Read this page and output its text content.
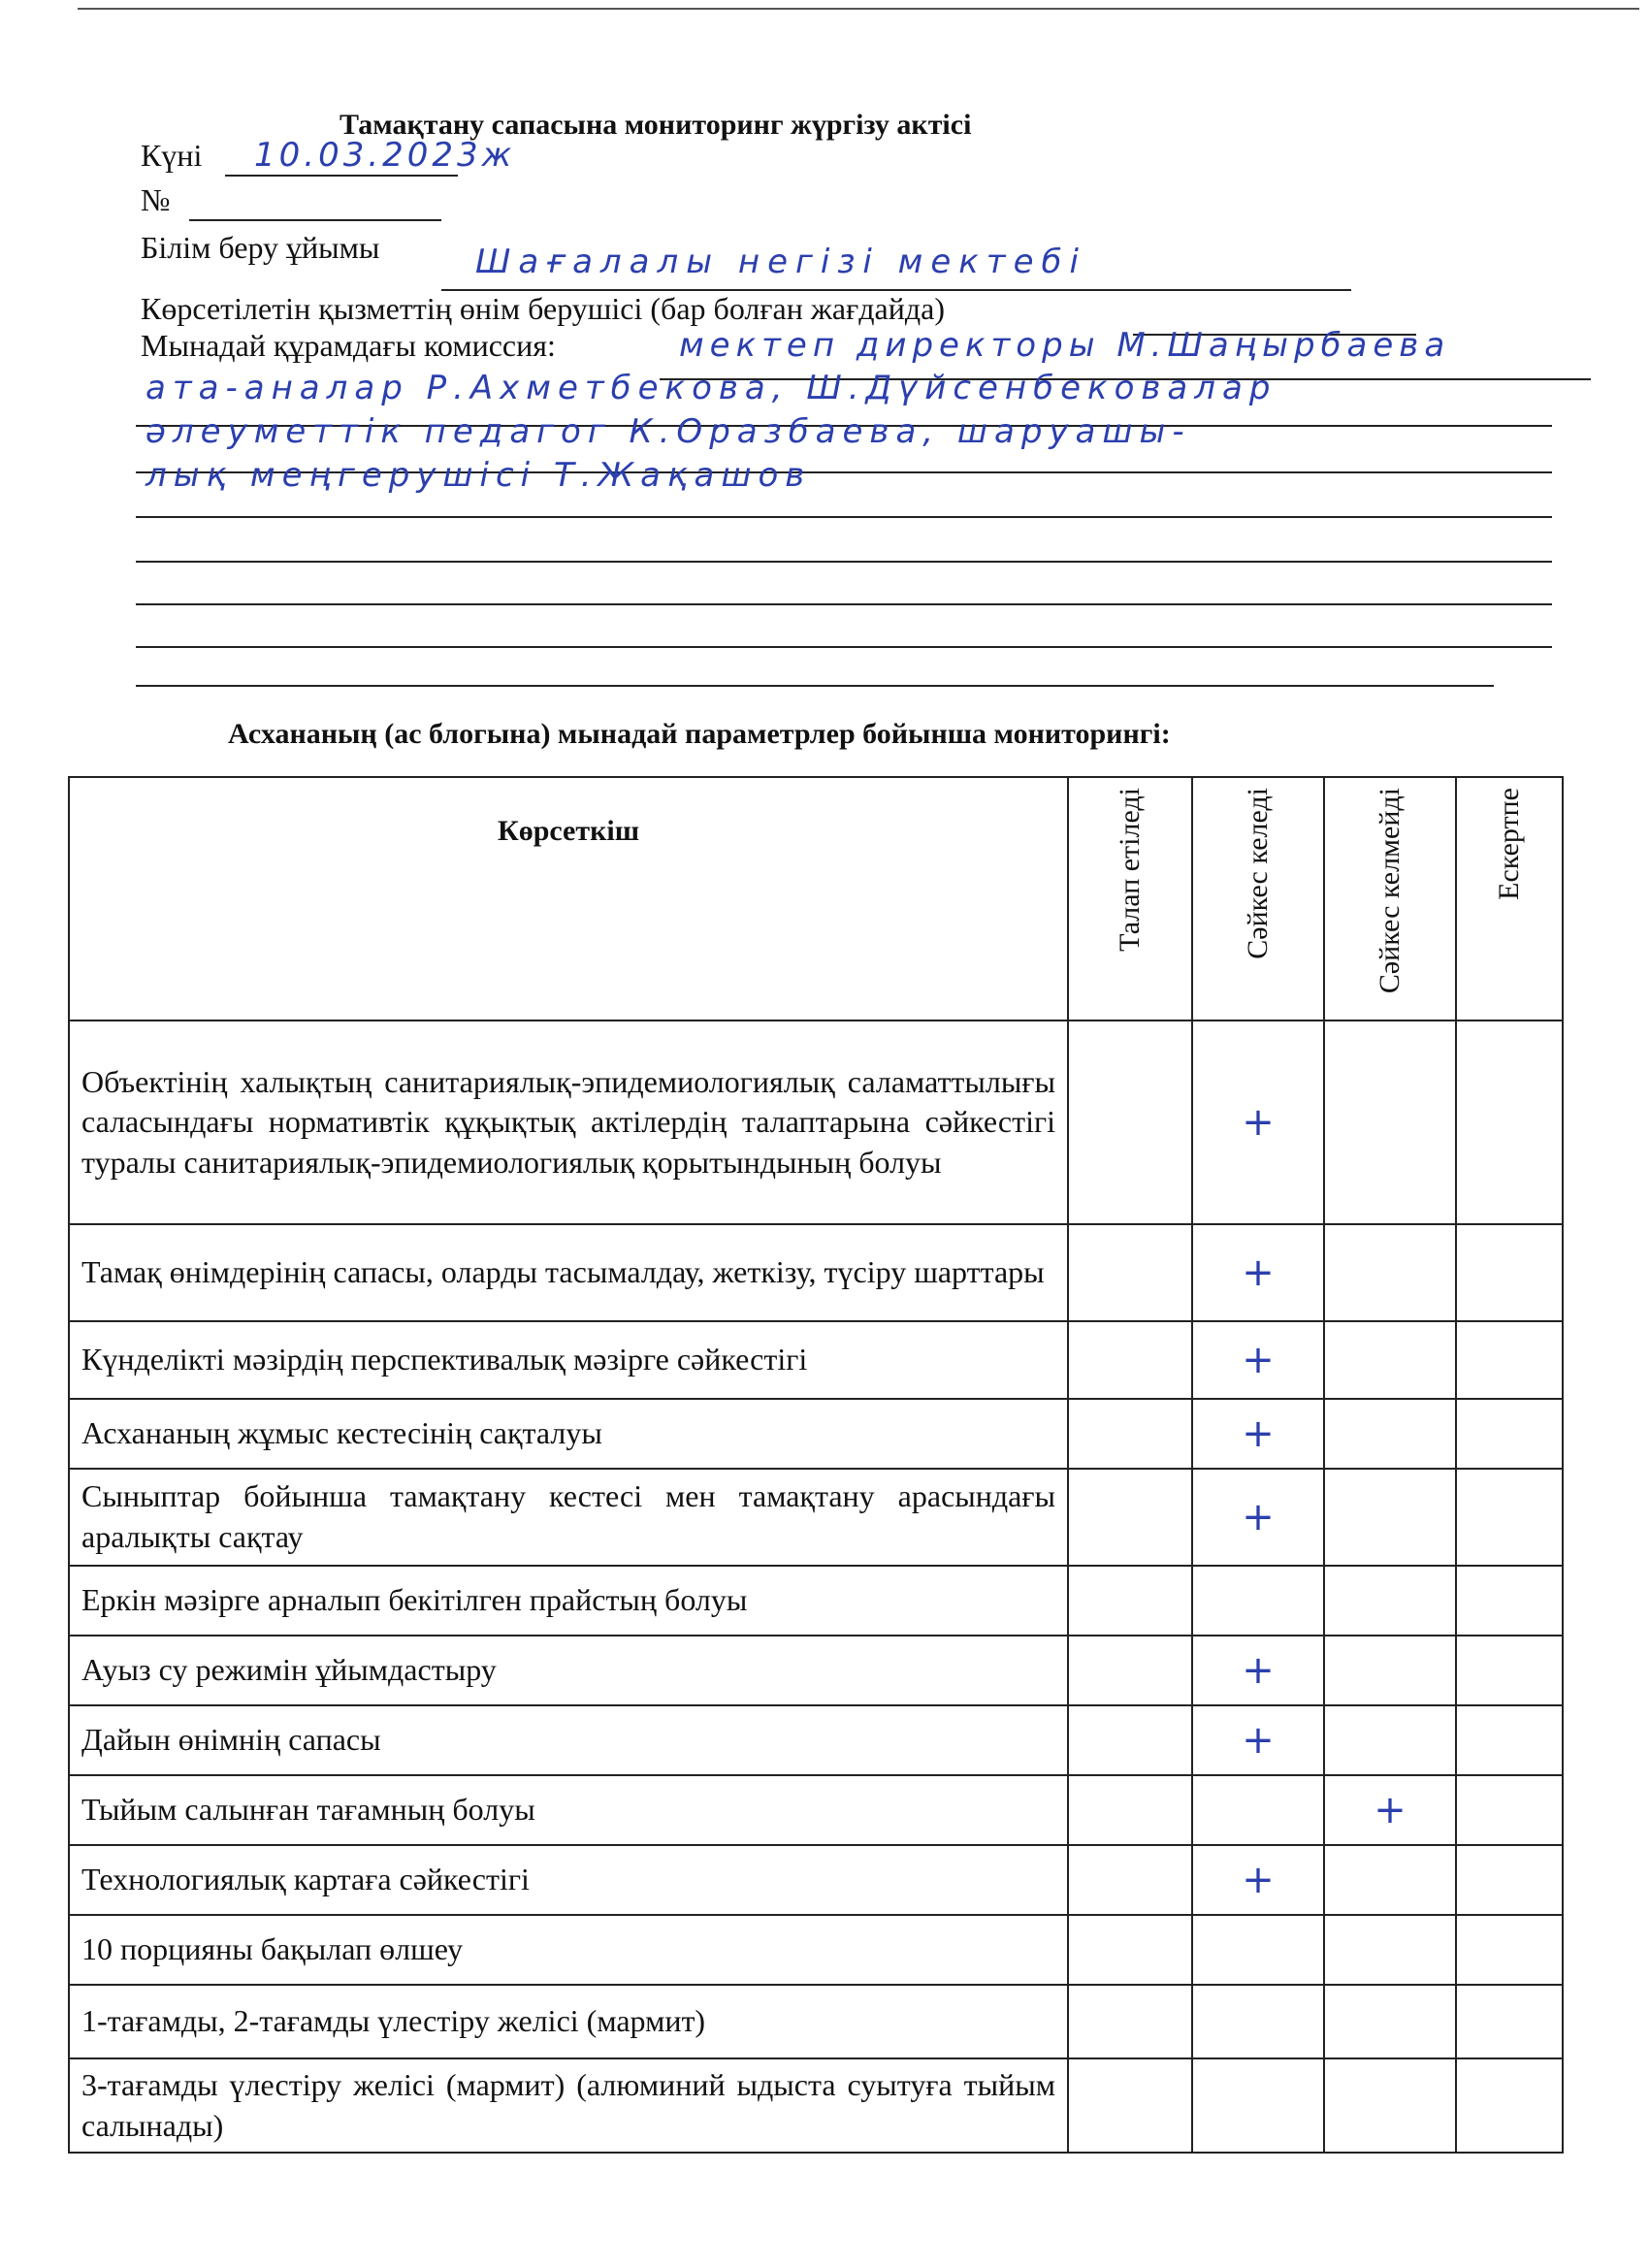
Тамақтану сапасына мониторинг жүргізу актісі
Күні 10.03.2023ж
№
Білім беру ұйымы	Шағалалы негізі мектебі
Көрсетілетін қызметтің өнім берушісі (бар болған жағдайда)
Мынадай құрамдағы комиссия:	мектеп директоры М.Шаңырбаева
ата-аналар Р.Ахметбекова, Ш.Дүйсенбековалар
әлеуметтік педагог К.Оразбаева, шаруашы-
лық меңгерушісі Т.Жақашов
Асхананың (ас блогына) мынадай параметрлер бойынша мониторингі:
Көрсеткіш	Талап етіледі	Сәйкес келеді	Сәйкес келмейді	Ескертпе

Объектінің халықтың санитариялық-эпидемиологиялық саламаттылығы саласындағы нормативтік құқықтық актілердің талаптарына сәйкестігі туралы санитариялық-эпидемиологиялық қорытындының болуы		+		
Тамақ өнімдерінің сапасы, оларды тасымалдау, жеткізу, түсіру шарттары		+		
Күнделікті мәзірдің перспективалық мәзірге сәйкестігі		+		
Асхананың жұмыс кестесінің сақталуы		+		
Сыныптар бойынша тамақтану кестесі мен тамақтану арасындағы аралықты сақтау		+		
Еркін мәзірге арналып бекітілген прайстың болуы				
Ауыз су режимін ұйымдастыру		+		
Дайын өнімнің сапасы		+		
Тыйым салынған тағамның болуы			+	
Технологиялық картаға сәйкестігі		+		
10 порцияны бақылап өлшеу				
1-тағамды, 2-тағамды үлестіру желісі (мармит)				
3-тағамды үлестіру желісі (мармит) (алюминий ыдыста суытуға тыйым салынады)				
